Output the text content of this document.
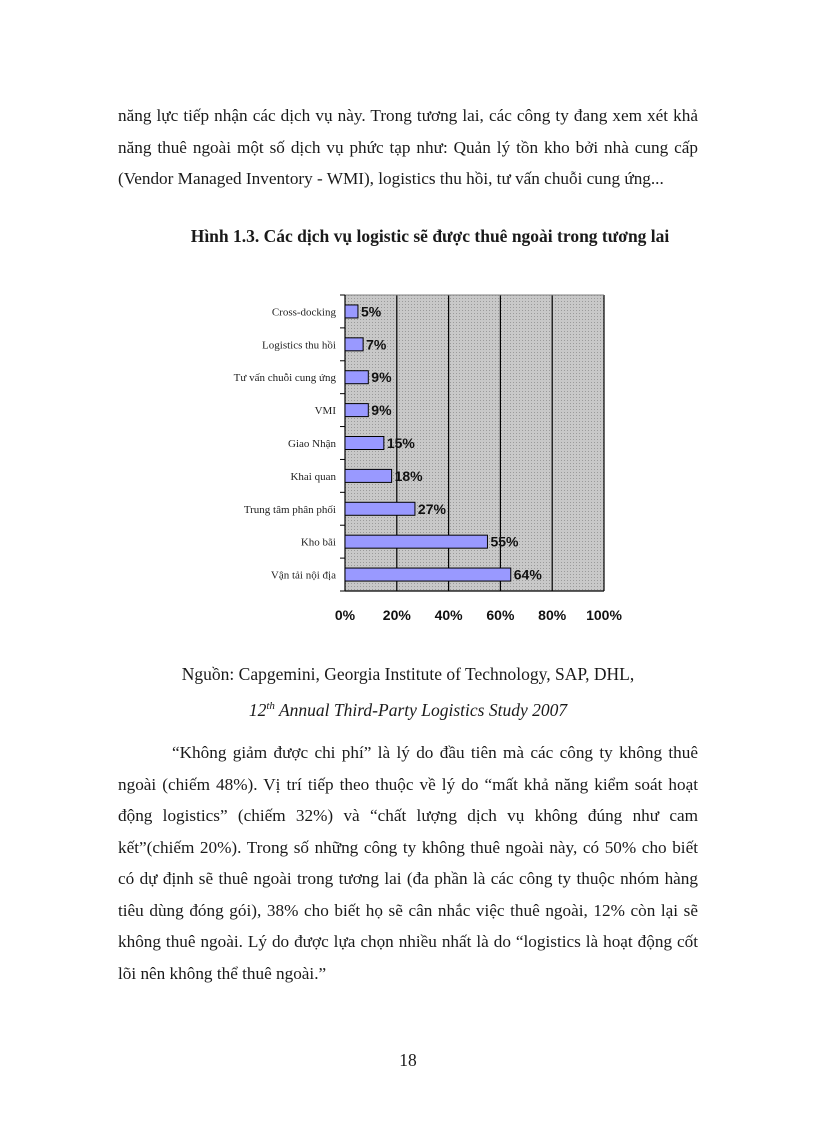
năng lực tiếp nhận các dịch vụ này. Trong tương lai, các công ty đang xem xét khả năng thuê ngoài một số dịch vụ phức tạp như: Quản lý tồn kho bởi nhà cung cấp (Vendor Managed Inventory - WMI), logistics thu hồi, tư vấn chuỗi cung ứng...

Hình 1.3. Các dịch vụ logistic sẽ được thuê ngoài trong tương lai

Cross-docking 5%
Logistics thu hồi 7%
Tư vấn chuỗi cung ứng	9%
VMI	9%
Giao Nhận	15%
Khai quan	18%
Trung tâm phân phối	27%
Kho bãi	55%
Vận tải nội địa	64%
0% 20% 40% 60% 80% 100%

Nguồn: Capgemini, Georgia Institute of Technology, SAP, DHL,

12th Annual Third-Party Logistics Study 2007

“Không giảm được chi phí” là lý do đầu tiên mà các công ty không thuê ngoài (chiếm 48%). Vị trí tiếp theo thuộc về lý do “mất khả năng kiểm soát hoạt động logistics” (chiếm 32%) và “chất lượng dịch vụ không đúng như cam kết”(chiếm 20%). Trong số những công ty không thuê ngoài này, có 50% cho biết có dự định sẽ thuê ngoài trong tương lai (đa phần là các công ty thuộc nhóm hàng tiêu dùng đóng gói), 38% cho biết họ sẽ cân nhắc việc thuê ngoài, 12% còn lại sẽ không thuê ngoài. Lý do được lựa chọn nhiều nhất là do “logistics là hoạt động cốt lõi nên không thể thuê ngoài.”

18
